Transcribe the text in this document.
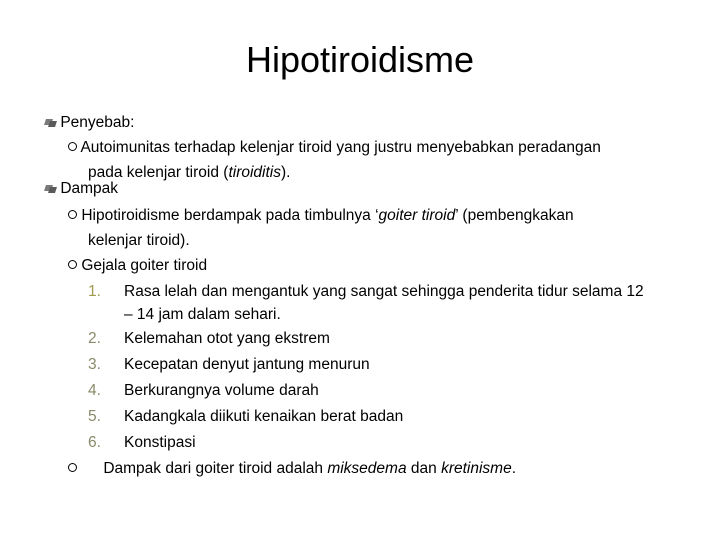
Hipotiroidisme
Penyebab:
Autoimunitas terhadap kelenjar tiroid yang justru menyebabkan peradangan
pada kelenjar tiroid (tiroiditis).
Dampak
Hipotiroidisme berdampak pada timbulnya ‘goiter tiroid’ (pembengkakan
kelenjar tiroid).
Gejala goiter tiroid
1. Rasa lelah dan mengantuk yang sangat sehingga penderita tidur selama 12
– 14 jam dalam sehari.
2. Kelemahan otot yang ekstrem
3. Kecepatan denyut jantung menurun
4. Berkurangnya volume darah
5. Kadangkala diikuti kenaikan berat badan
6. Konstipasi
Dampak dari goiter tiroid adalah miksedema dan kretinisme.
